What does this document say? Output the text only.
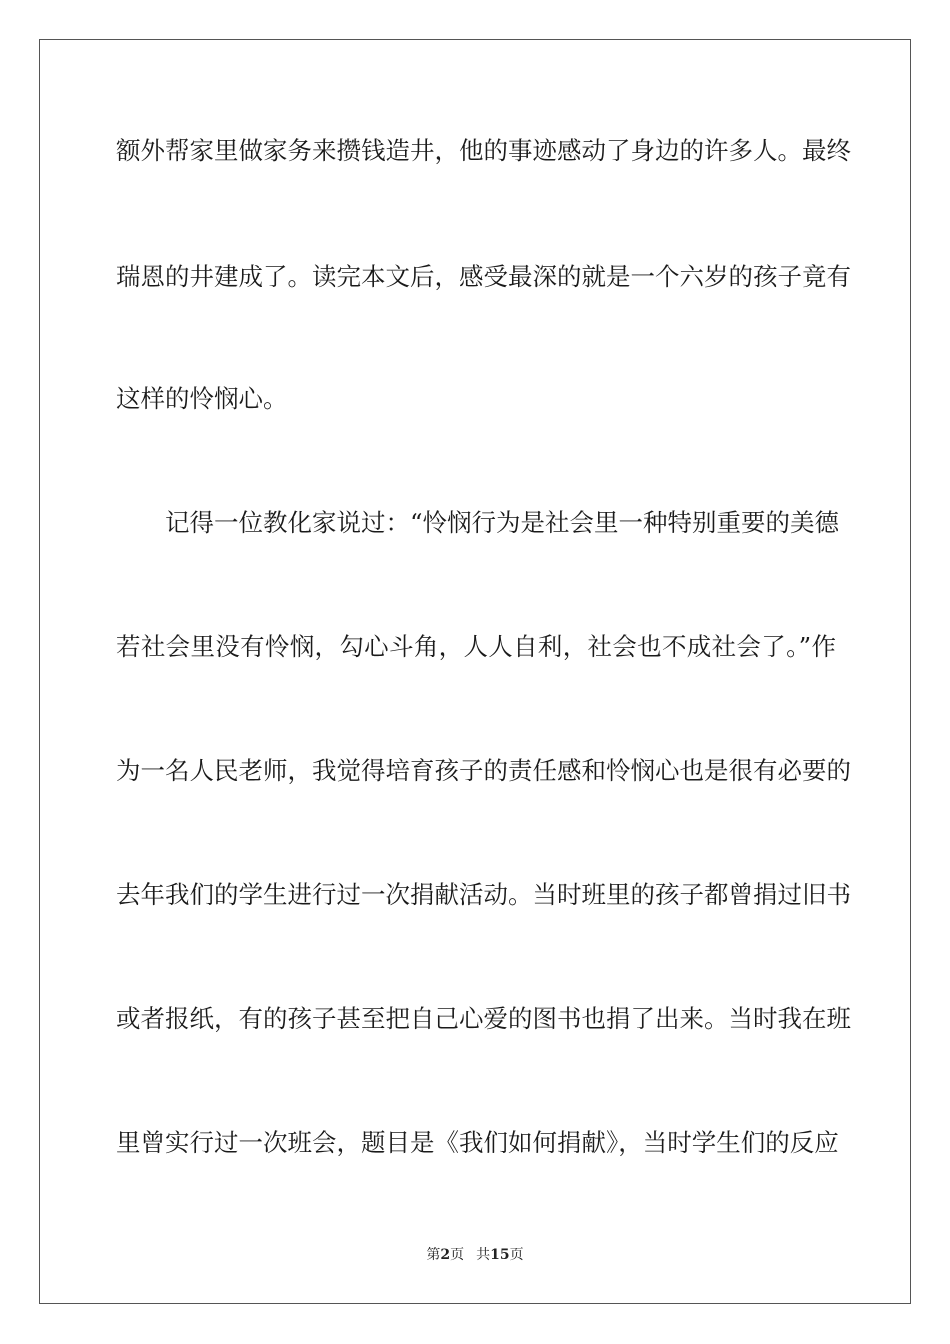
额外帮家里做家务来攒钱造井，他的事迹感动了身边的许多人。最终
瑞恩的井建成了。读完本文后，感受最深的就是一个六岁的孩子竟有
这样的怜悯心。
记得一位教化家说过：“怜悯行为是社会里一种特别重要的美德
若社会里没有怜悯，勾心斗角，人人自利，社会也不成社会了。”作
为一名人民老师，我觉得培育孩子的责任感和怜悯心也是很有必要的
去年我们的学生进行过一次捐献活动。当时班里的孩子都曾捐过旧书
或者报纸，有的孩子甚至把自己心爱的图书也捐了出来。当时我在班
里曾实行过一次班会，题目是《我们如何捐献》，当时学生们的反应
第2页 共15页
